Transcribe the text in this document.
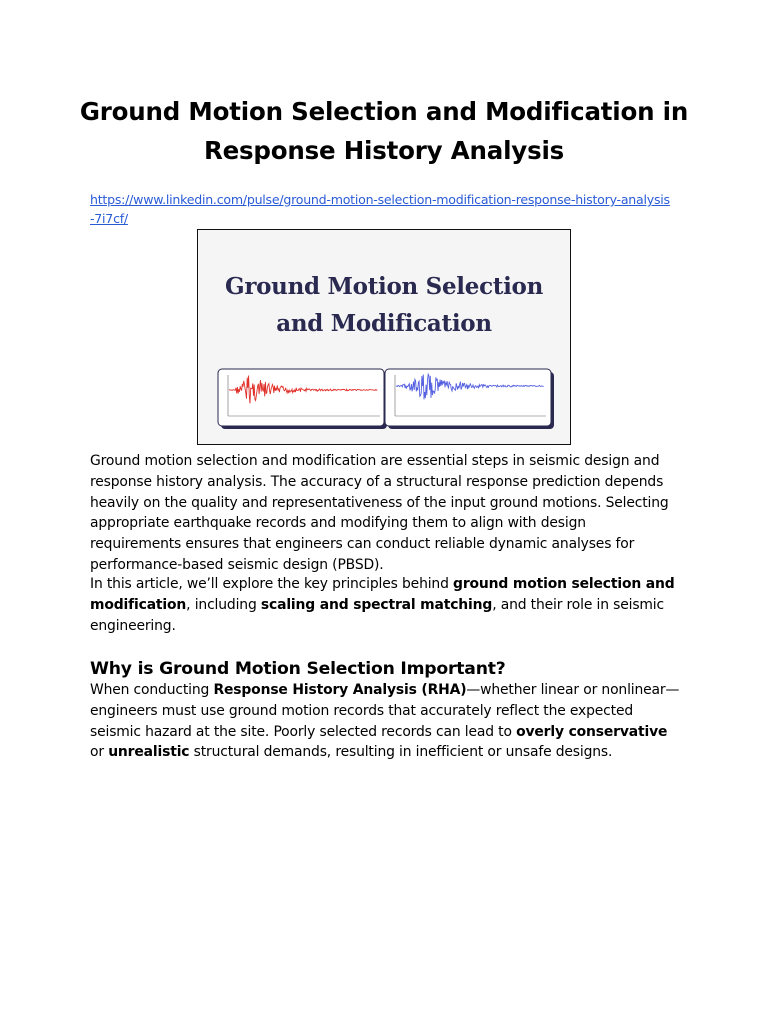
Ground Motion Selection and Modification in Response History Analysis
https://www.linkedin.com/pulse/ground-motion-selection-modification-response-history-analysis-7i7cf/
Ground Motion Selection
and Modification
Ground motion selection and modification are essential steps in seismic design and response history analysis. The accuracy of a structural response prediction depends heavily on the quality and representativeness of the input ground motions. Selecting appropriate earthquake records and modifying them to align with design requirements ensures that engineers can conduct reliable dynamic analyses for performance-based seismic design (PBSD).
In this article, we’ll explore the key principles behind ground motion selection and modification, including scaling and spectral matching, and their role in seismic engineering.
Why is Ground Motion Selection Important?
When conducting Response History Analysis (RHA)—whether linear or nonlinear—engineers must use ground motion records that accurately reflect the expected seismic hazard at the site. Poorly selected records can lead to overly conservative or unrealistic structural demands, resulting in inefficient or unsafe designs.
